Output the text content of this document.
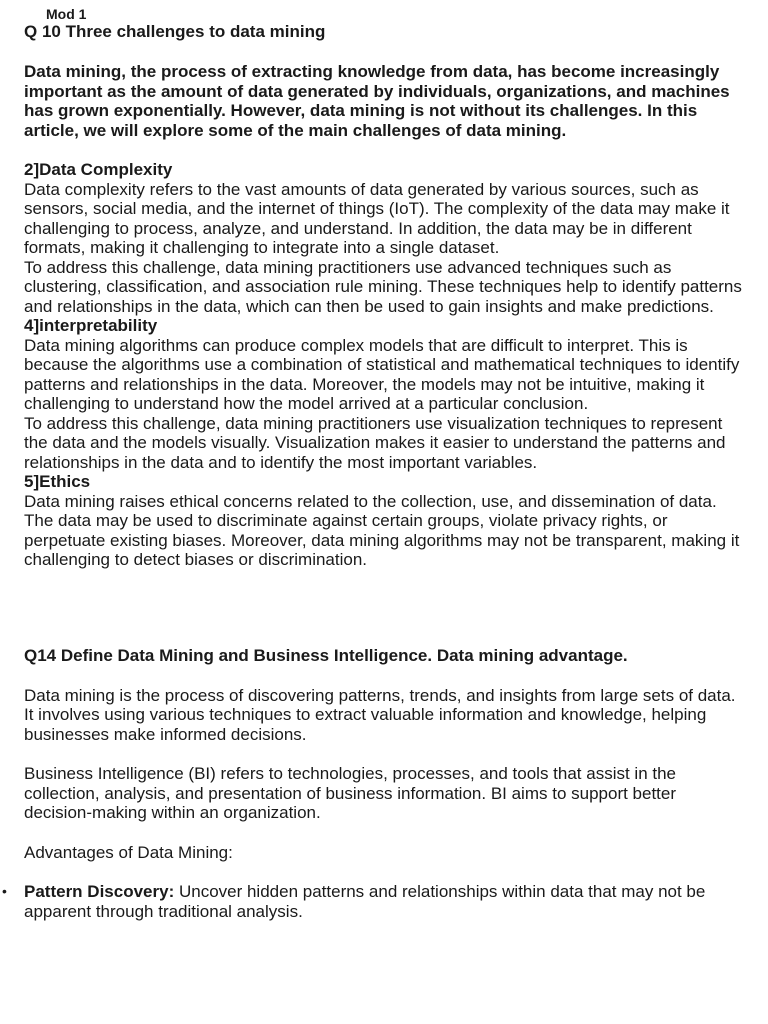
Mod 1

Q 10 Three challenges to data mining

Data mining, the process of extracting knowledge from data, has become increasingly important as the amount of data generated by individuals, organizations, and machines has grown exponentially. However, data mining is not without its challenges. In this article, we will explore some of the main challenges of data mining.

2]Data Complexity

Data complexity refers to the vast amounts of data generated by various sources, such as sensors, social media, and the internet of things (IoT). The complexity of the data may make it challenging to process, analyze, and understand. In addition, the data may be in different formats, making it challenging to integrate into a single dataset.

To address this challenge, data mining practitioners use advanced techniques such as clustering, classification, and association rule mining. These techniques help to identify patterns and relationships in the data, which can then be used to gain insights and make predictions.

4]interpretability

Data mining algorithms can produce complex models that are difficult to interpret. This is because the algorithms use a combination of statistical and mathematical techniques to identify patterns and relationships in the data. Moreover, the models may not be intuitive, making it challenging to understand how the model arrived at a particular conclusion.

To address this challenge, data mining practitioners use visualization techniques to represent the data and the models visually. Visualization makes it easier to understand the patterns and relationships in the data and to identify the most important variables.

5]Ethics

Data mining raises ethical concerns related to the collection, use, and dissemination of data. The data may be used to discriminate against certain groups, violate privacy rights, or perpetuate existing biases. Moreover, data mining algorithms may not be transparent, making it challenging to detect biases or discrimination.

Q14 Define Data Mining and Business Intelligence. Data mining advantage.

Data mining is the process of discovering patterns, trends, and insights from large sets of data. It involves using various techniques to extract valuable information and knowledge, helping businesses make informed decisions.

Business Intelligence (BI) refers to technologies, processes, and tools that assist in the collection, analysis, and presentation of business information. BI aims to support better decision-making within an organization.

Advantages of Data Mining:

• Pattern Discovery: Uncover hidden patterns and relationships within data that may not be apparent through traditional analysis.
